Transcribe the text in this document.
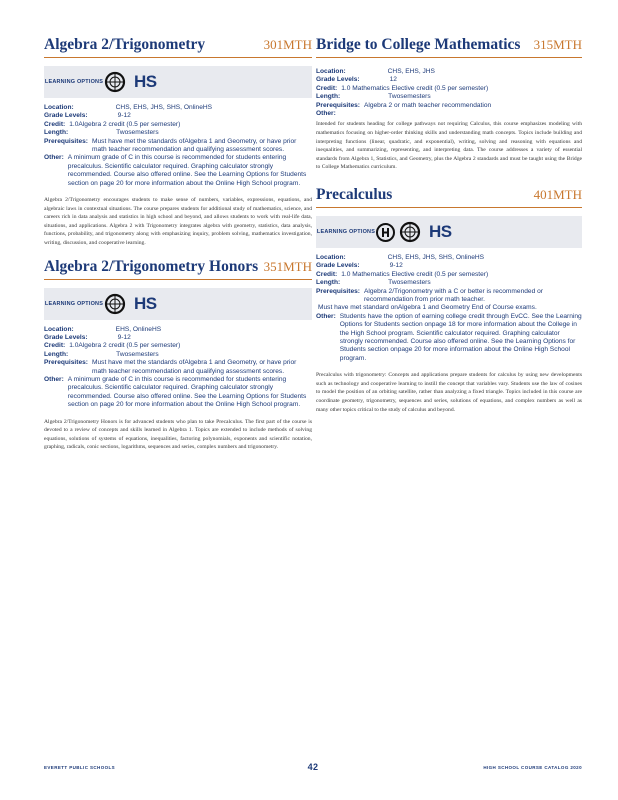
Algebra 2/Trigonometry	301MTH
LEARNING OPTIONS HS
Location:	CHS, EHS, JHS, SHS, OnlineHS
Grade Levels:	9-12
Credit: 1.0Algebra 2 credit (0.5 per semester)
Length:	Twosemesters
Prerequisites: Must have met the standards ofAlgebra 1 and Geometry, or have prior math teacher recommendation and qualifying assessment scores.
Other: A minimum grade of C in this course is recommended for students entering precalculus. Scientific calculator required. Graphing calculator strongly recommended. Course also offered online. See the Learning Options for Students section on page 20 for more information about the Online High School program.
Algebra 2/Trigonometry encourages students to make sense of numbers, variables, expressions, equations, and algebraic laws in contextual situations. The course prepares students for additional study of mathematics, science, and careers rich in data analysis and statistics in high school and beyond, and allows students to work with real-life data, situations, and applications. Algebra 2 with Trigonometry integrates algebra with geometry, statistics, data analysis, functions, probability, and trigonometry along with emphasizing inquiry, problem solving, mathematics investigation, writing, discussion, and cooperative learning.
Algebra 2/Trigonometry Honors 351MTH
LEARNING OPTIONS HS
Location:	EHS, OnlineHS
Grade Levels:	9-12
Credit: 1.0Algebra 2 credit (0.5 per semester)
Length:	Twosemesters
Prerequisites: Must have met the standards ofAlgebra 1 and Geometry, or have prior math teacher recommendation and qualifying assessment scores.
Other: A minimum grade of C in this course is recommended for students entering precalculus. Scientific calculator required. Graphing calculator strongly recommended. Course also offered online. See the Learning Options for Students section on page 20 for more information about the Online High School program.
Algebra 2/Trigonometry Honors is for advanced students who plan to take Precalculus. The first part of the course is devoted to a review of concepts and skills learned in Algebra 1. Topics are extended to include methods of solving equations, solutions of systems of equations, inequalities, factoring polynomials, exponents and scientific notation, graphing, radicals, conic sections, logarithms, sequences and series, complex numbers and trigonometry.
Bridge to College Mathematics 315MTH
Location:	CHS, EHS, JHS
Grade Levels:	12
Credit: 1.0 Mathematics Elective credit (0.5 per semester)
Length:	Twosemesters
Prerequisites: Algebra 2 or math teacher recommendation
Other:
Intended for students heading for college pathways not requiring Calculus, this course emphasizes modeling with mathematics focusing on higher-order thinking skills and understanding math concepts. Topics include building and interpreting functions (linear, quadratic, and exponential), writing, solving and reasoning with equations and inequalities, and summarizing, representing, and interpreting data. The course addresses a variety of essential standards from Algebra 1, Statistics, and Geometry, plus the Algebra 2 standards and must be taught using the Bridge to College Mathematics curriculum.
Precalculus	401MTH
LEARNING OPTIONS	HS
Location:	CHS, EHS, JHS, SHS, OnlineHS
Grade Levels:	9-12
Credit: 1.0 Mathematics Elective credit (0.5 per semester)
Length:	Twosemesters
Prerequisites: Algebra 2/Trigonometry with a C or better is recommended or recommendation from prior math teacher.
Must have met standard onAlgebra 1 and Geometry End of Course exams.
Other: Students have the option of earning college credit through EvCC. See the Learning Options for Students section onpage 18 for more information about the College in the High School program. Scientific calculator required. Graphing calculator strongly recommended. Course also offered online. See the Learning Options for Students section onpage 20 for more information about the Online High School program.
Precalculus with trigonometry: Concepts and applications prepare students for calculus by using new developments such as technology and cooperative learning to instill the concept that variables vary. Students use the law of cosines to model the position of an orbiting satellite, rather than analyzing a fixed triangle. Topics included in this course are coordinate geometry, trigonometry, sequences and series, solutions of equations, and complex numbers as well as many other topics critical to the study of calculus and beyond.
EVERETT PUBLIC SCHOOLS	42	HIGH SCHOOL COURSE CATALOG 2020
